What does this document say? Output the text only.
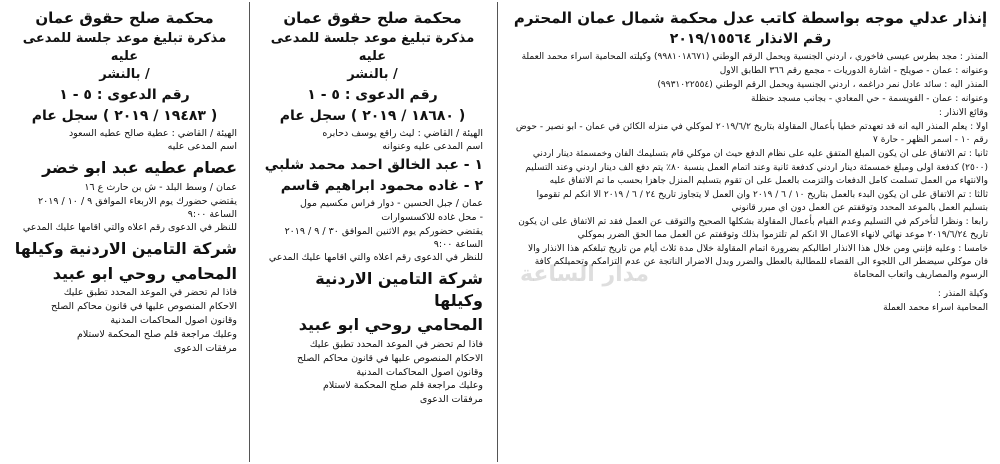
إنذار عدلي موجه بواسطة كاتب عدل محكمة شمال عمان المحترم
رقم الانذار ٢٠١٩/١٥٥٦٤

المنذر : مجد بطرس عيسى فاخوري ، اردني الجنسية ويحمل الرقم الوطني (٩٩٨١٠١٨٦٧١) وكيلته المحامية اسراء محمد العملة

وعنوانه : عمان - صويلح - اشارة الدوريات - مجمع رقم ٣٦٦ الطابق الاول

المنذر اليه : سائد عادل نمر دراغمه ، اردني الجنسية ويحمل الرقم الوطني (٩٩٣١٠٢٢٥٥٤)

وعنوانه : عمان - القويسمة - حي المعادي - بجانب مسجد حنظلة

وقائع الانذار :

اولا : يعلم المنذر اليه انه قد تعهدتم خطيا بأعمال المقاولة بتاريخ ٢٠١٩/٦/٢ لموكلي في منزله الكائن في عمان - ابو نصير - حوض رقم ١٠ - اسمر الظهر - حارة ٧

ثانيا : تم الاتفاق على ان يكون المبلغ المتفق عليه على نظام الدفع حيث ان موكلي قام بتسليمك الفان وخمسمئة دينار اردني (٢٥٠٠) كدفعة اولى ومبلغ خمسمئة دينار اردني كدفعة ثانية وعند اتمام العمل بنسبة ٨٠٪ يتم دفع الف دينار اردني وعند التسليم والانتهاء من العمل تسلمت كامل الدفعات والتزمت بالعمل على ان تقوم بتسليم المنزل جاهزا بحسب ما تم الاتفاق عليه

ثالثا : تم الاتفاق على ان يكون البدء بالعمل بتاريخ ١٠ / ٦ / ٢٠١٩ وان العمل لا يتجاوز تاريخ ٢٤ / ٦ / ٢٠١٩ الا انكم لم تقوموا بتسليم العمل بالموعد المحدد وتوقفتم عن العمل دون اي مبرر قانوني

رابعا : ونظرا لتأخركم في التسليم وعدم القيام بأعمال المقاولة بشكلها الصحيح والتوقف عن العمل فقد تم الاتفاق على ان يكون تاريخ ٢٠١٩/٦/٢٤ موعد نهائي لانهاء الاعمال الا انكم لم تلتزموا بذلك وتوقفتم عن العمل مما الحق الضرر بموكلي

خامسا : وعليه فإنني ومن خلال هذا الانذار اطالبكم بضرورة اتمام المقاولة خلال مدة ثلاث أيام من تاريخ تبلغكم هذا الانذار والا فان موكلي سيضطر الى اللجوء الى القضاء للمطالبة بالعطل والضرر وبدل الاضرار الناتجة عن عدم التزامكم وتحميلكم كافة الرسوم والمصاريف واتعاب المحاماة

وكيلة المنذر :

المحامية اسراء محمد العملة

محكمة صلح حقوق عمان
مذكرة تبليغ موعد جلسة للمدعى عليه
/ بالنشر
رقم الدعوى : ٥ - ١
( ١٨٦٨٠ / ٢٠١٩ ) سجل عام
الهيئة / القاضي : ليث راقع يوسف دحابره
اسم المدعى عليه وعنوانه
١ - عبد الخالق احمد محمد شلبي
٢ - غاده محمود ابراهيم قاسم
عمان / جبل الحسين - دوار فراس مكسيم مول
- محل غاده للاكسسوارات
يقتضي حضوركم يوم الاثنين الموافق ٣٠ / ٩ / ٢٠١٩ الساعة ٩:٠٠
للنظر في الدعوى رقم اعلاه والتي اقامها عليك المدعي
شركة التامين الاردنية وكيلها
المحامي روحي ابو عبيد
فاذا لم تحضر في الموعد المحدد تطبق عليك
الاحكام المنصوص عليها في قانون محاكم الصلح
وقانون اصول المحاكمات المدنية
وعليك مراجعة قلم صلح المحكمة لاستلام
مرفقات الدعوى
محكمة صلح حقوق عمان
مذكرة تبليغ موعد جلسة للمدعى عليه
/ بالنشر
رقم الدعوى : ٥ - ١
( ١٩٤٨٣ / ٢٠١٩ ) سجل عام
الهيئة / القاضي : عطية صالح عطيه السعود
اسم المدعى عليه
عصام عطيه عبد ابو خضر
عمان / وسط البلد - ش بن حارث ع ١٦
يقتضي حضورك يوم الاربعاء الموافق ٩ / ١٠ / ٢٠١٩ الساعة ٩:٠٠
للنظر في الدعوى رقم اعلاه والتي اقامها عليك المدعي
شركة التامين الاردنية وكيلها
المحامي روحي ابو عبيد
فاذا لم تحضر في الموعد المحدد تطبق عليك
الاحكام المنصوص عليها في قانون محاكم الصلح
وقانون اصول المحاكمات المدنية
وعليك مراجعة قلم صلح المحكمة لاستلام
مرفقات الدعوى
مدار الساعة
